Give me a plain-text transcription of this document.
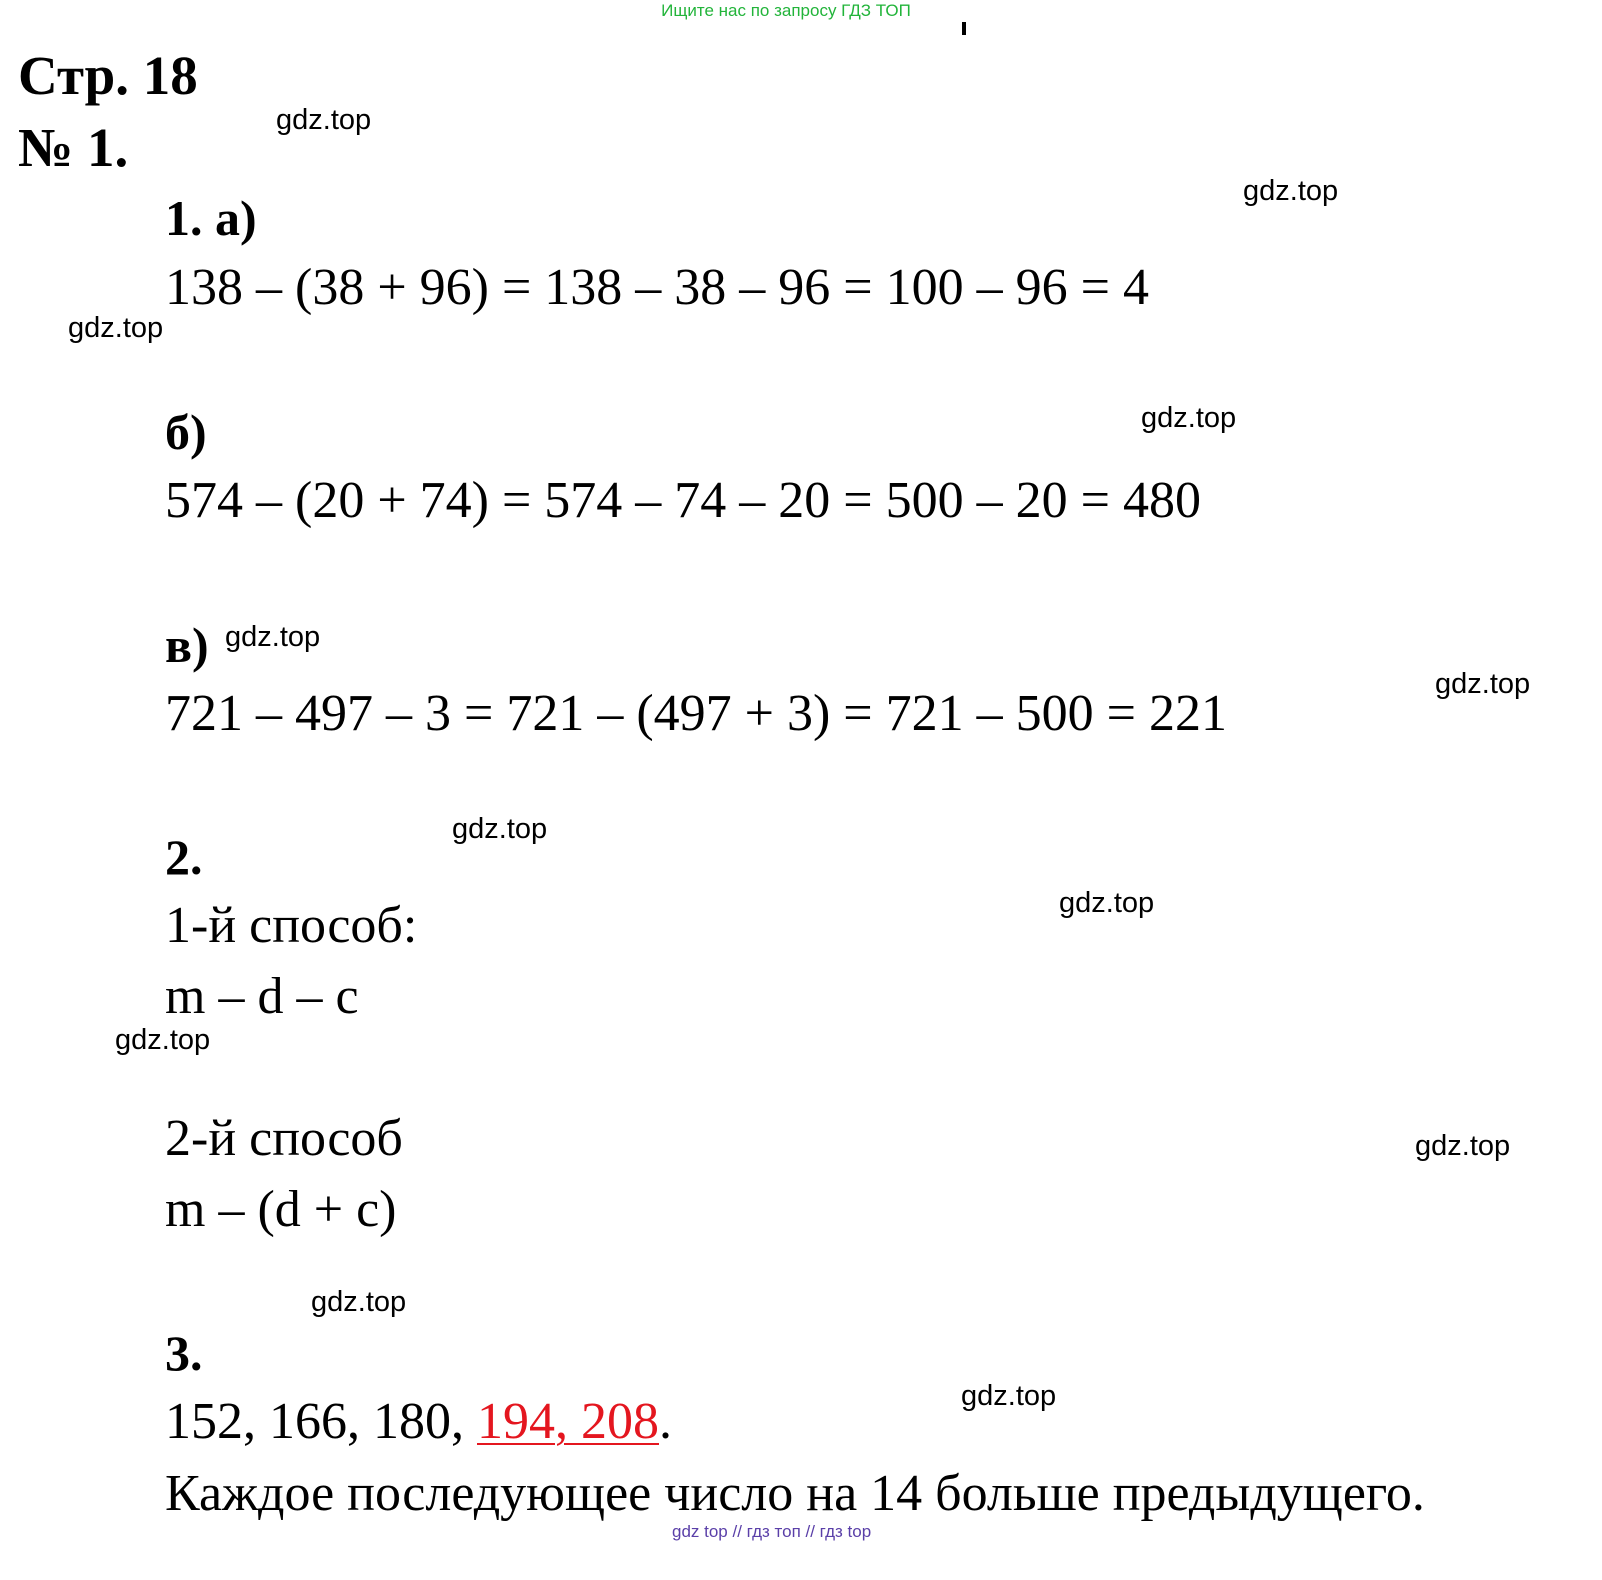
Ищите нас по запросу ГДЗ ТОП
Стр. 18
№ 1.
1. а)
138 – (38 + 96) = 138 – 38 – 96 = 100 – 96 = 4
б)
574 – (20 + 74) = 574 – 74 – 20 = 500 – 20 = 480
в)
721 – 497 – 3 = 721 – (497 + 3) = 721 – 500 = 221
2.
1-й способ:
m – d – c
2-й способ
m – (d + c)
3.
152, 166, 180, 194, 208.
Каждое последующее число на 14 больше предыдущего.
gdz.top
gdz.top
gdz.top
gdz.top
gdz.top
gdz.top
gdz.top
gdz.top
gdz.top
gdz.top
gdz.top
gdz.top
gdz top // гдз топ // гдз top
